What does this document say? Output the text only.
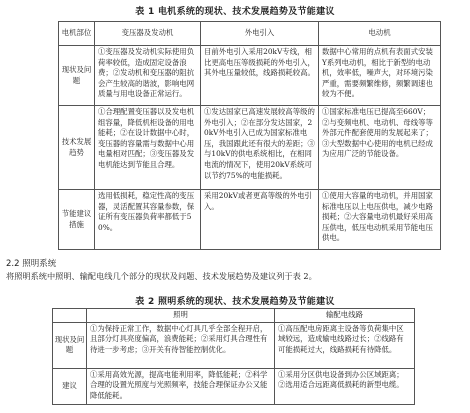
表 1 电机系统的现状、技术发展趋势及节能建议
电机部位	变压器及发动机	外电引入	电动机
现状及问题	①变压器及发动机实际使用负荷率较低，造成固定设备浪费；②发动机和变压器的阻抗会产生较高的谐波，影响电网质量与用电设备正常运行。	目前外电引入采用20kV专线，相比更高电压等级损耗的外电引入，其外电压量较低，线路损耗较高。	数据中心常用的点机有表面式安装Y系列电动机，相比于新型的电动机，效率低，噪声大，对环境污染严重，需要频繁维修，频繁调速也较为不便。
技术发展趋势	①合理配置变压器以及发电机组容量，降低机柜设备的用电能耗；②在设计数据中心时，变压器的容量需与数据中心用电量相对匹配；③变压器及发电机能达到节能且合理。	①发达国家已高速发展较高等级的外电引入；②在部分发达国家，20kV外电引入已成为国家标准电压，我国跟此还有很大的差距；③与10kV的供电系统相比，在相同电流的情况下，使用20kV系统可以节约75%的电能损耗。	①国家标准电压已提高至660V；②与变频电机、电动机、母线等等外部元件配套使用的发展起来了；③大型数据中心使用的电机已经成为应用广泛的节能设备。
节能建议措施	选用低损耗，稳定性高的变压器，灵活配置其容量参数，保证所有变压器负荷率都低于50%。	采用20kV或者更高等级的外电引入。	①使用大容量的电动机，并用国家标准电压以上电压供电，减少电路损耗；②大容量电动机最好采用高压供电，低压电动机采用节能电压供电。
2.2 照明系统
将照明系统中照明、输配电线几个部分的现状及问题、技术发展趋势及建议列于表 2。
表 2 照明系统的现状、技术发展趋势及节能建议
	照明	输配电线路
现状及问题	①为保持正常工作，数据中心灯具几乎全部全程开启，且部分灯具亮度偏高，浪费能耗；②采用灯具合理性有待进一步考虑；③开关有待智能控制优化。	①高压配电房距离主设备等负荷集中区域较远，造成输电线路过长；②线路有可能损耗过大，线路损耗有待降低。
建议	①采用高效光源，提高电能利用率，降低能耗；②科学合理的设置光照度与光照频率，技能合理保证办公又能降低能耗。	①采用分区供电设备到办公区域距离；②选用适合远距离低损耗的新型电缆。
